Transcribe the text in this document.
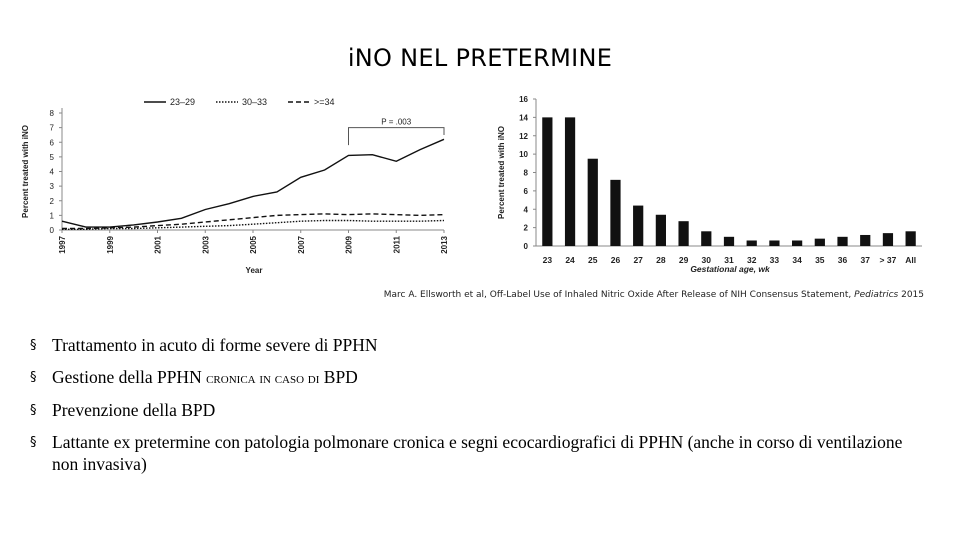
iNO NEL PRETERMINE
0
1
2
3
4
5
6
7
8
1997	1999	2001	2003	2005	2007	2009	2011	2013
Percent treated with iNO
Year
23–29	30–33	>=34
P = .003
0
2
4
6
8
10
12
14
16
23 24 25 26 27 28 29 30 31 32 33 34 35 36 37 > 37 All
Percent treated with iNO
Gestational age, wk
Marc A. Ellsworth et al, Off-Label Use of Inhaled Nitric Oxide After Release of NIH Consensus Statement, Pediatrics 2015
§ Trattamento in acuto di forme severe di PPHN
§ Gestione della PPHN cronica in caso di BPD
§ Prevenzione della BPD
§ Lattante ex pretermine con patologia polmonare cronica e segni ecocardiografici di PPHN (anche in corso di ventilazione non invasiva)
